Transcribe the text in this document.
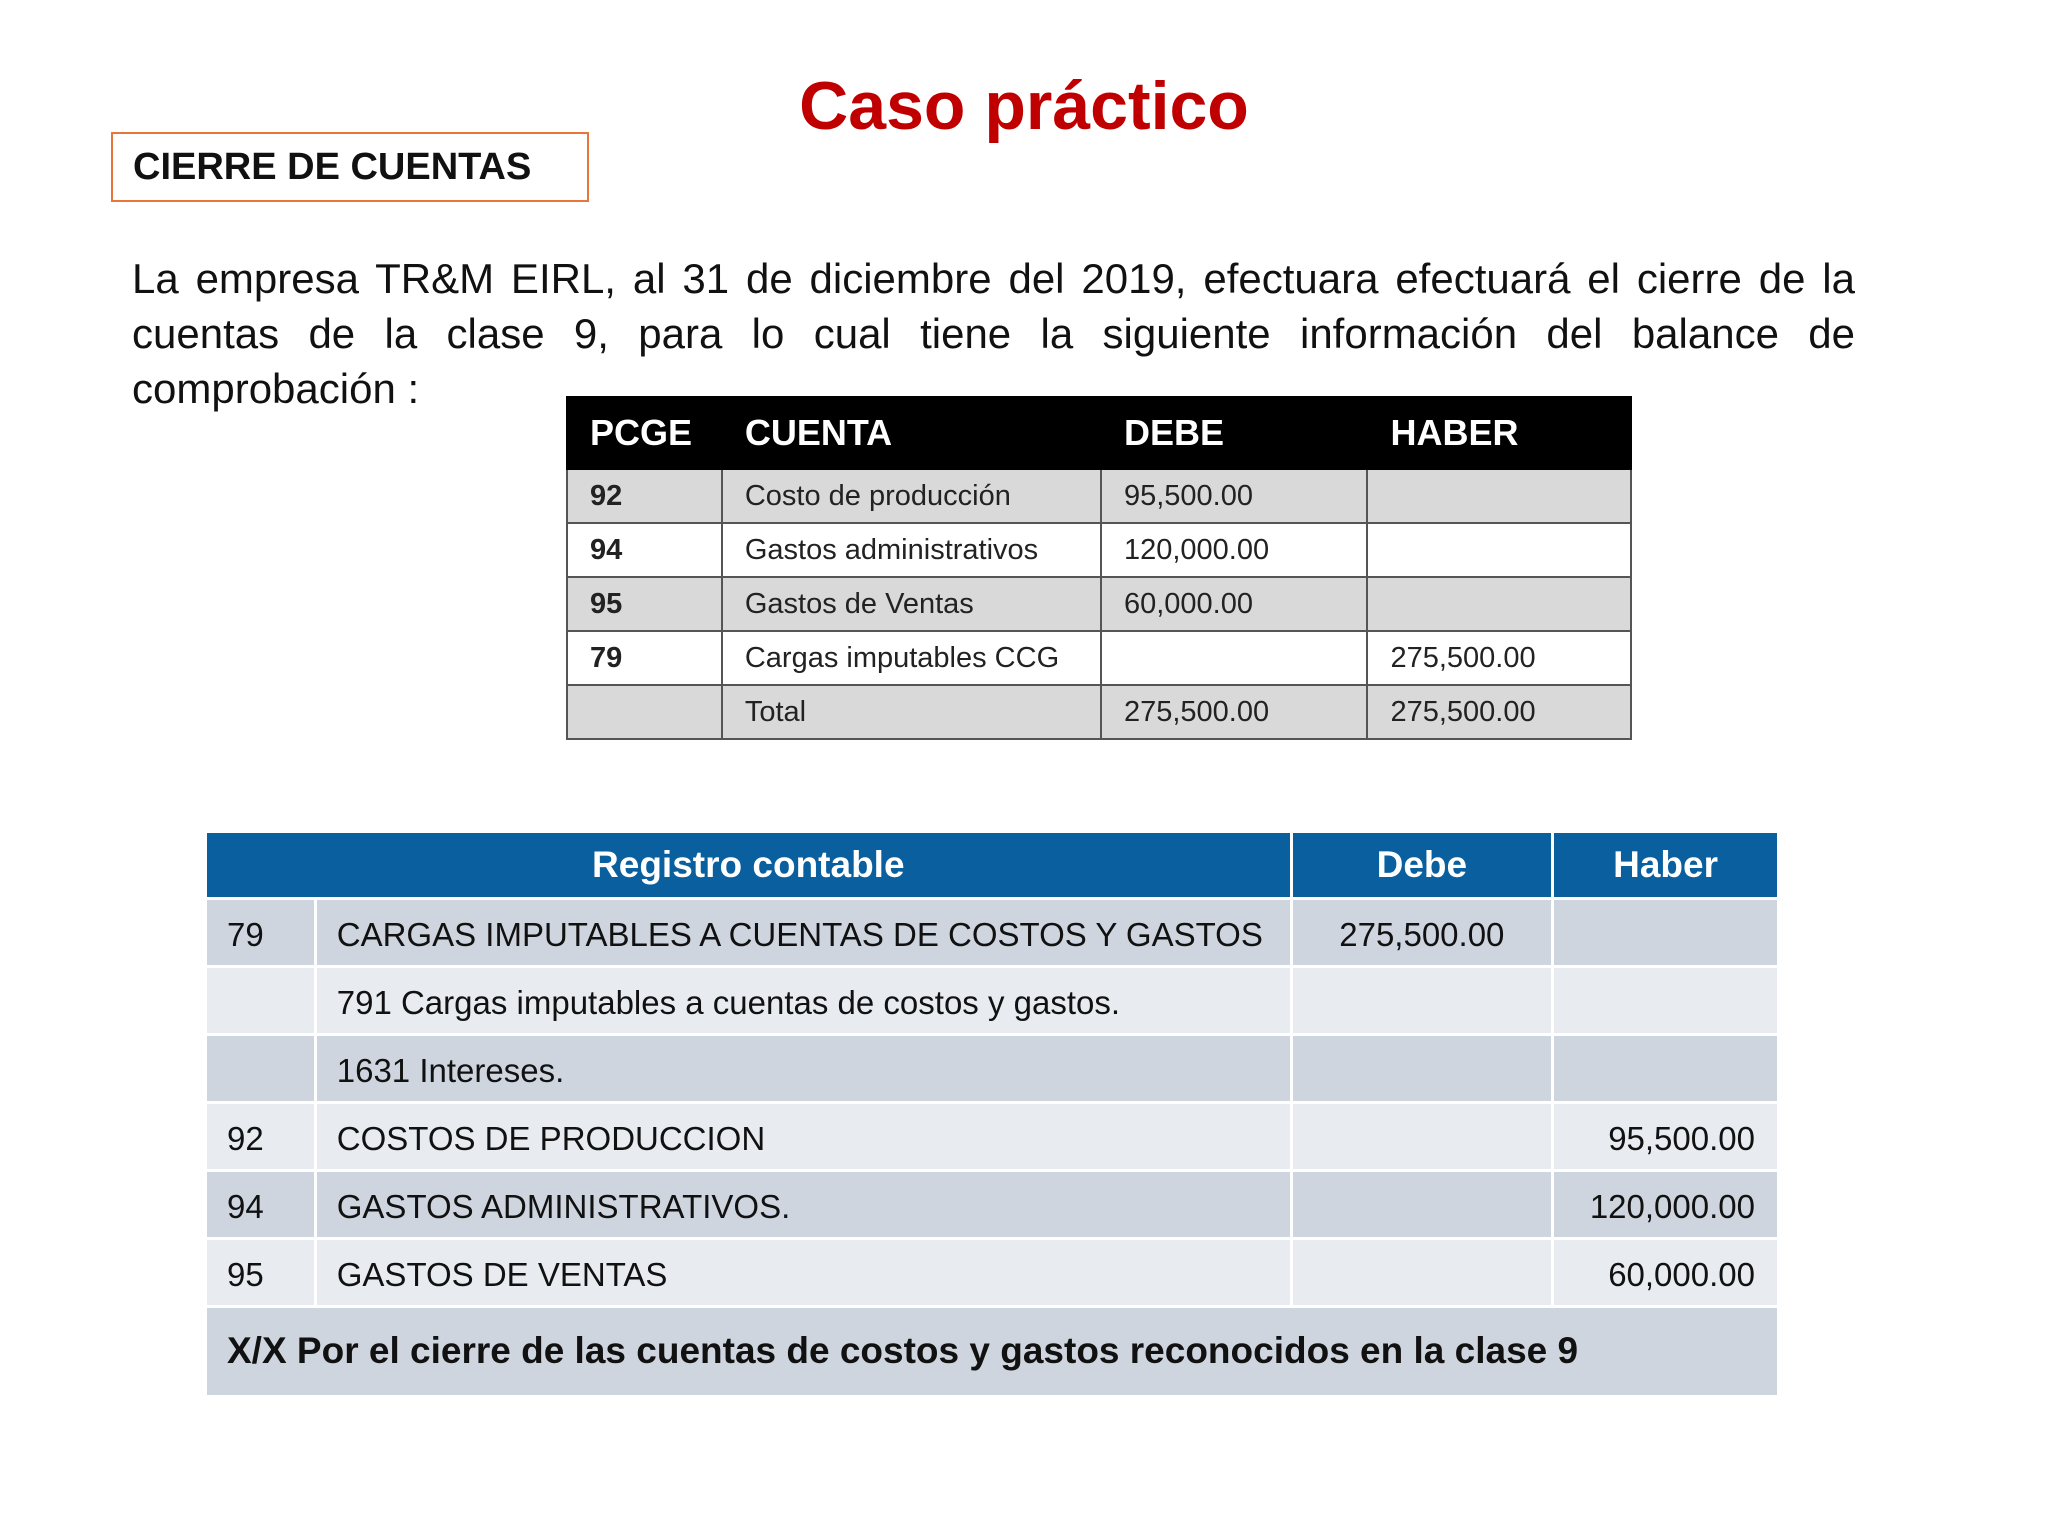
Caso práctico
CIERRE DE CUENTAS
La empresa TR&M EIRL, al 31 de diciembre del 2019, efectuara efectuará el cierre de la cuentas de la clase 9, para lo cual tiene la siguiente información del balance de comprobación :
PCGE	CUENTA	DEBE	HABER
92	Costo de producción	95,500.00	
94	Gastos administrativos	120,000.00	
95	Gastos de Ventas	60,000.00	
79	Cargas imputables CCG		275,500.00
	Total	275,500.00	275,500.00
Registro contable		Debe	Haber
79	CARGAS IMPUTABLES A CUENTAS DE COSTOS Y GASTOS	275,500.00	
	791 Cargas imputables a cuentas de costos y gastos.		
	1631 Intereses.		
92	COSTOS DE PRODUCCION		95,500.00
94	GASTOS ADMINISTRATIVOS.		120,000.00
95	GASTOS DE VENTAS		60,000.00
X/X Por el cierre de las cuentas de costos y gastos reconocidos en la clase 9			
